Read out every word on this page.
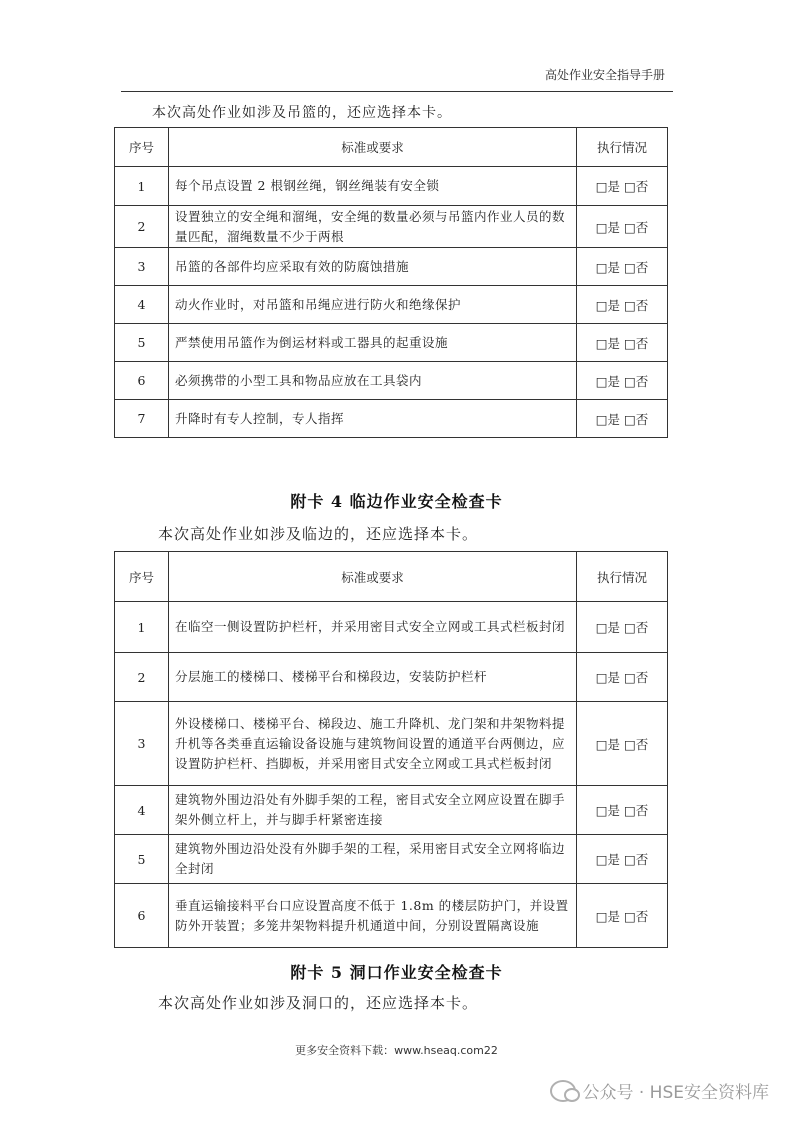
高处作业安全指导手册
本次高处作业如涉及吊篮的，还应选择本卡。
序号	标准或要求	执行情况
1	每个吊点设置 2 根钢丝绳，钢丝绳装有安全锁	□是 □否
2	设置独立的安全绳和溜绳，安全绳的数量必须与吊篮内作业人员的数量匹配，溜绳数量不少于两根	□是 □否
3	吊篮的各部件均应采取有效的防腐蚀措施	□是 □否
4	动火作业时，对吊篮和吊绳应进行防火和绝缘保护	□是 □否
5	严禁使用吊篮作为倒运材料或工器具的起重设施	□是 □否
6	必须携带的小型工具和物品应放在工具袋内	□是 □否
7	升降时有专人控制，专人指挥	□是 □否
附卡 4 临边作业安全检查卡
本次高处作业如涉及临边的，还应选择本卡。
序号	标准或要求	执行情况
1	在临空一侧设置防护栏杆，并采用密目式安全立网或工具式栏板封闭	□是 □否
2	分层施工的楼梯口、楼梯平台和梯段边，安装防护栏杆	□是 □否
3	外设楼梯口、楼梯平台、梯段边、施工升降机、龙门架和井架物料提升机等各类垂直运输设备设施与建筑物间设置的通道平台两侧边，应设置防护栏杆、挡脚板，并采用密目式安全立网或工具式栏板封闭	□是 □否
4	建筑物外围边沿处有外脚手架的工程，密目式安全立网应设置在脚手架外侧立杆上，并与脚手杆紧密连接	□是 □否
5	建筑物外围边沿处没有外脚手架的工程，采用密目式安全立网将临边全封闭	□是 □否
6	垂直运输接料平台口应设置高度不低于 1.8m 的楼层防护门，并设置防外开装置；多笼井架物料提升机通道中间，分别设置隔离设施	□是 □否
附卡 5 洞口作业安全检查卡
本次高处作业如涉及洞口的，还应选择本卡。
更多安全资料下载：www.hseaq.com22
公众号 · HSE安全资料库
